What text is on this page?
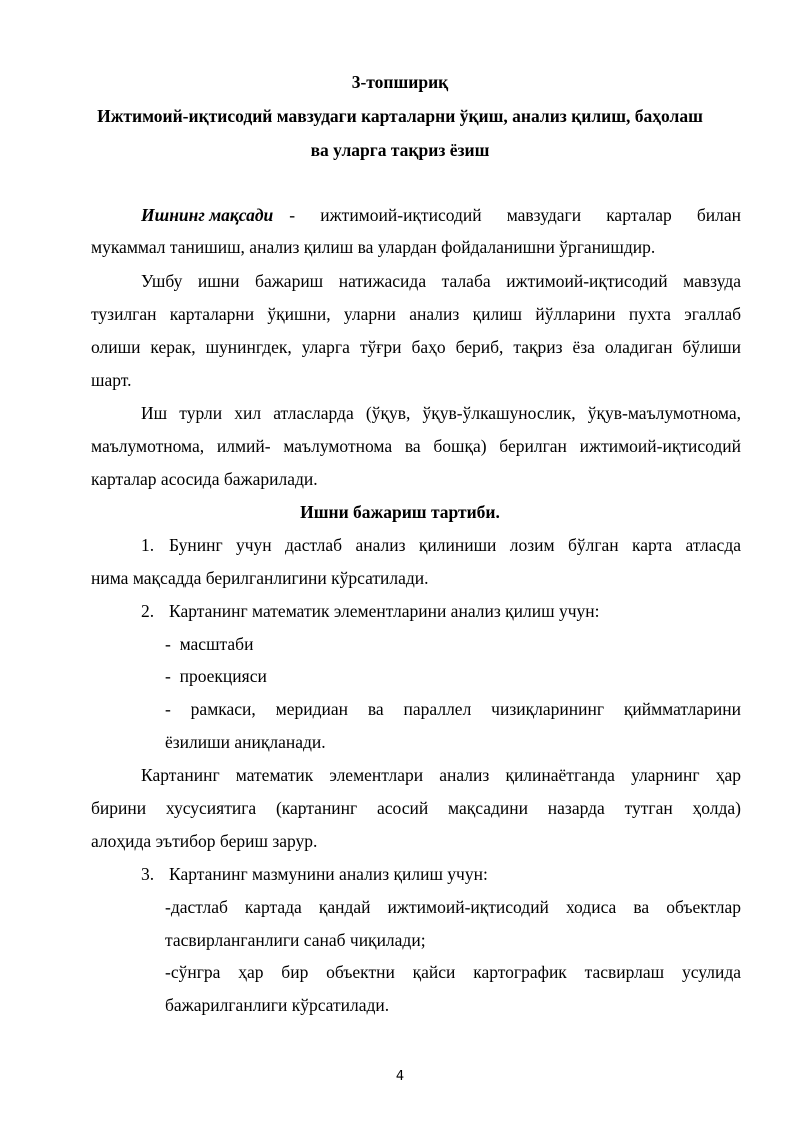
3-топшириқ
Ижтимоий-иқтисодий мавзудаги карталарни ўқиш, анализ қилиш, баҳолаш
ва уларга тақриз ёзиш
Ишнинг мақсади -   ижтимоий-иқтисодий   мавзудаги   карталар   билан
мукаммал танишиш, анализ қилиш ва улардан фойдаланишни ўрганишдир.
Ушбу ишни бажариш натижасида талаба ижтимоий-иқтисодий мавзуда
тузилган карталарни ўқишни, уларни анализ қилиш йўлларини пухта эгаллаб
олиши керак, шунингдек, уларга тўғри баҳо бериб, тақриз ёза оладиган бўлиши
шарт.
Иш турли хил атласларда (ўқув, ўқув-ўлкашунослик, ўқув-маълумотнома,
маълумотнома, илмий- маълумотнома ва бошқа) берилган ижтимоий-иқтисодий
карталар асосида бажарилади.
Ишни бажариш тартиби.
1. Бунинг учун дастлаб анализ қилиниши лозим бўлган карта атласда
нима мақсадда берилганлигини кўрсатилади.
2. Картанинг математик элементларини анализ қилиш учун:
-  масштаби
-  проекцияси
-   рамкаси,   меридиан   ва   параллел   чизиқларининг   қиймматларини
ёзилиши аниқланади.
Картанинг математик элементлари анализ қилинаётганда уларнинг ҳар
бирини хусусиятига (картанинг асосий мақсадини назарда тутган ҳолда)
алоҳида эътибор бериш зарур.
3. Картанинг мазмунини анализ қилиш учун:
-дастлаб картада қандай ижтимоий-иқтисодий ходиса ва объектлар
тасвирланганлиги санаб чиқилади;
-сўнгра ҳар бир объектни қайси картографик тасвирлаш усулида
бажарилганлиги кўрсатилади.
4
